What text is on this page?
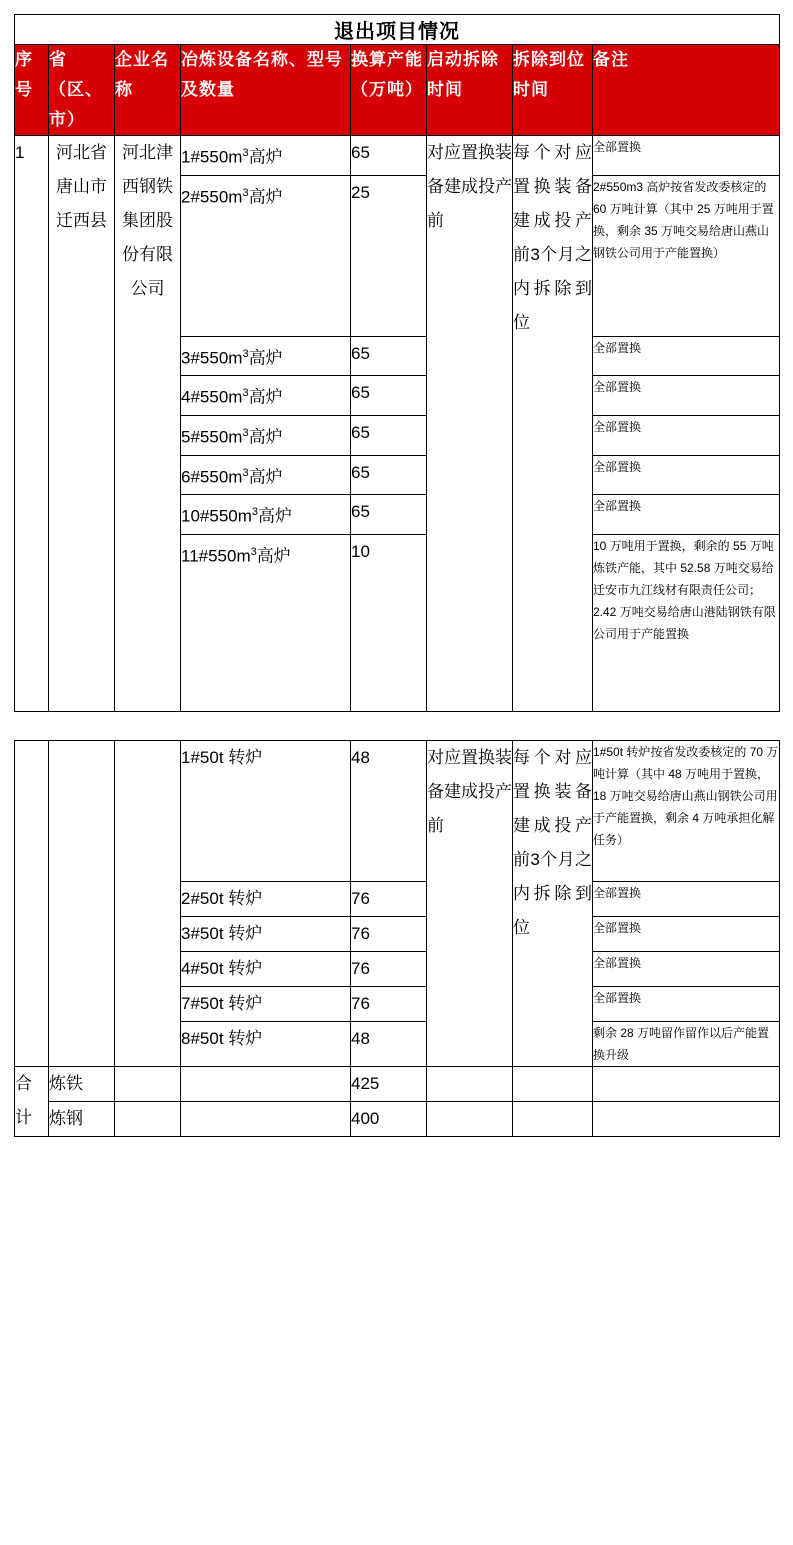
退出项目情况							
序号	省（区、市）	企业名称	冶炼设备名称、型号及数量	换算产能（万吨）	启动拆除时间	拆除到位时间	备注
1	河北省唐山市迁西县	河北津西钢铁集团股份有限公司	$1\#550m^3$高炉	65	对应置换装备建成投产前	每个对应置换装备建成投产前3个月之内拆除到位	全部置换
			$2\#550m^3$高炉	25			2#550m3 高炉按省发改委核定的 60 万吨计算（其中 25 万吨用于置换，剩余 35 万吨交易给唐山燕山钢铁公司用于产能置换）
			$3\#550m^3$高炉	65			全部置换
			$4\#550m^3$高炉	65			全部置换
			$5\#550m^3$高炉	65			全部置换
			$6\#550m^3$高炉	65			全部置换
			$10\#550m^3$高炉	65			全部置换
			$11\#550m^3$高炉	10			10 万吨用于置换，剩余的 55 万吨炼铁产能，其中 52.58 万吨交易给迁安市九江线材有限责任公司；2.42 万吨交易给唐山港陆钢铁有限公司用于产能置换
			1#50t 转炉	48	对应置换装备建成投产前	每个对应置换装备建成投产前3个月之内拆除到位	1#50t 转炉按省发改委核定的 70 万吨计算（其中 48 万吨用于置换，18 万吨交易给唐山燕山钢铁公司用于产能置换，剩余 4 万吨承担化解任务）
			2#50t 转炉	76			全部置换
			3#50t 转炉	76			全部置换
			4#50t 转炉	76			全部置换
			7#50t 转炉	76			全部置换
			8#50t 转炉	48			剩余 28 万吨留作留作以后产能置换升级
合计	炼铁			425			
	炼钢			400			
